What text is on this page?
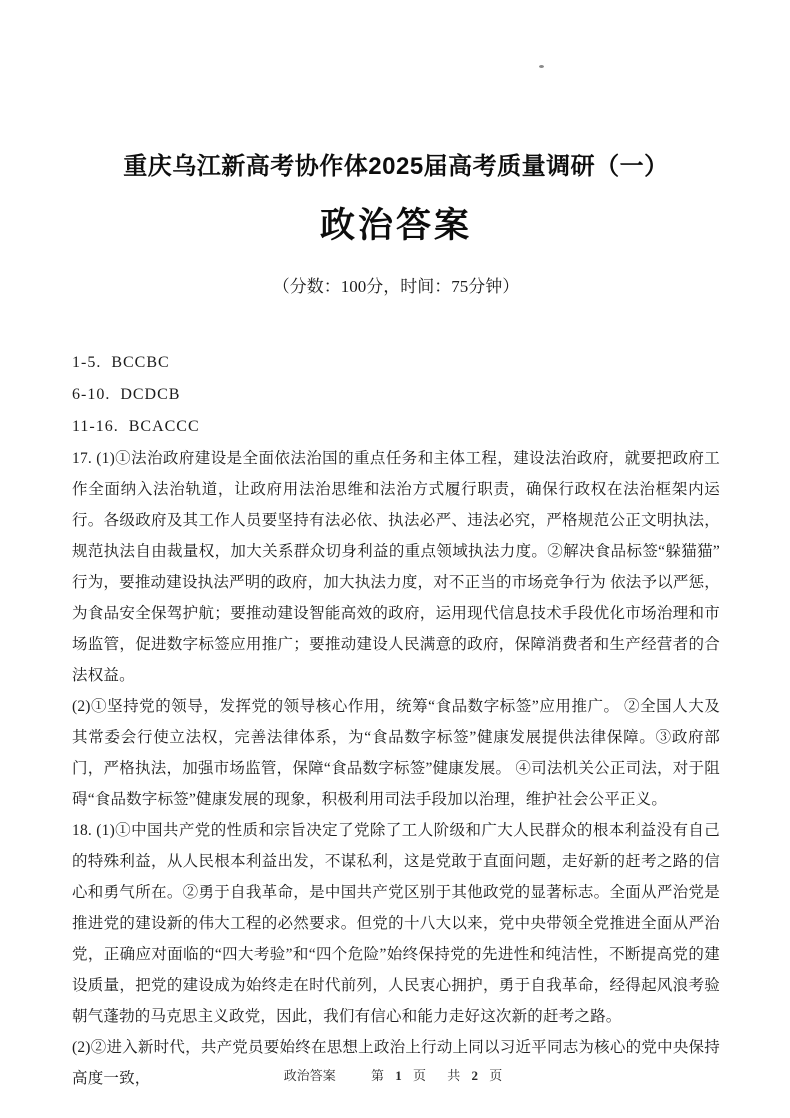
重庆乌江新高考协作体2025届高考质量调研（一）
政治答案
（分数：100分，时间：75分钟）
1-5.  BCCBC
6-10.  DCDCB
11-16.  BCACCC

17. (1)①法治政府建设是全面依法治国的重点任务和主体工程，建设法治政府，就要把政府工作全面纳入法治轨道，让政府用法治思维和法治方式履行职责，确保行政权在法治框架内运行。各级政府及其工作人员要坚持有法必依、执法必严、违法必究，严格规范公正文明执法，规范执法自由裁量权，加大关系群众切身利益的重点领域执法力度。②解决食品标签“躲猫猫”行为，要推动建设执法严明的政府，加大执法力度，对不正当的市场竞争行为 依法予以严惩，为食品安全保驾护航；要推动建设智能高效的政府，运用现代信息技术手段优化市场治理和市场监管，促进数字标签应用推广；要推动建设人民满意的政府，保障消费者和生产经营者的合法权益。

(2)①坚持党的领导，发挥党的领导核心作用，统筹“食品数字标签”应用推广。 ②全国人大及其常委会行使立法权，完善法律体系，为“食品数字标签”健康发展提供法律保障。③政府部门，严格执法，加强市场监管，保障“食品数字标签”健康发展。 ④司法机关公正司法，对于阻碍“食品数字标签”健康发展的现象，积极利用司法手段加以治理，维护社会公平正义。

18. (1)①中国共产党的性质和宗旨决定了党除了工人阶级和广大人民群众的根本利益没有自己的特殊利益，从人民根本利益出发，不谋私利，这是党敢于直面问题，走好新的赶考之路的信心和勇气所在。②勇于自我革命，是中国共产党区别于其他政党的显著标志。全面从严治党是推进党的建设新的伟大工程的必然要求。但党的十八大以来，党中央带领全党推进全面从严治党，正确应对面临的“四大考验”和“四个危险”始终保持党的先进性和纯洁性，不断提高党的建设质量，把党的建设成为始终走在时代前列，人民衷心拥护，勇于自我革命，经得起风浪考验朝气蓬勃的马克思主义政党，因此，我们有信心和能力走好这次新的赶考之路。

(2)②进入新时代，共产党员要始终在思想上政治上行动上同以习近平同志为核心的党中央保持高度一致，	政治答案	第 1 页 共 2 页
